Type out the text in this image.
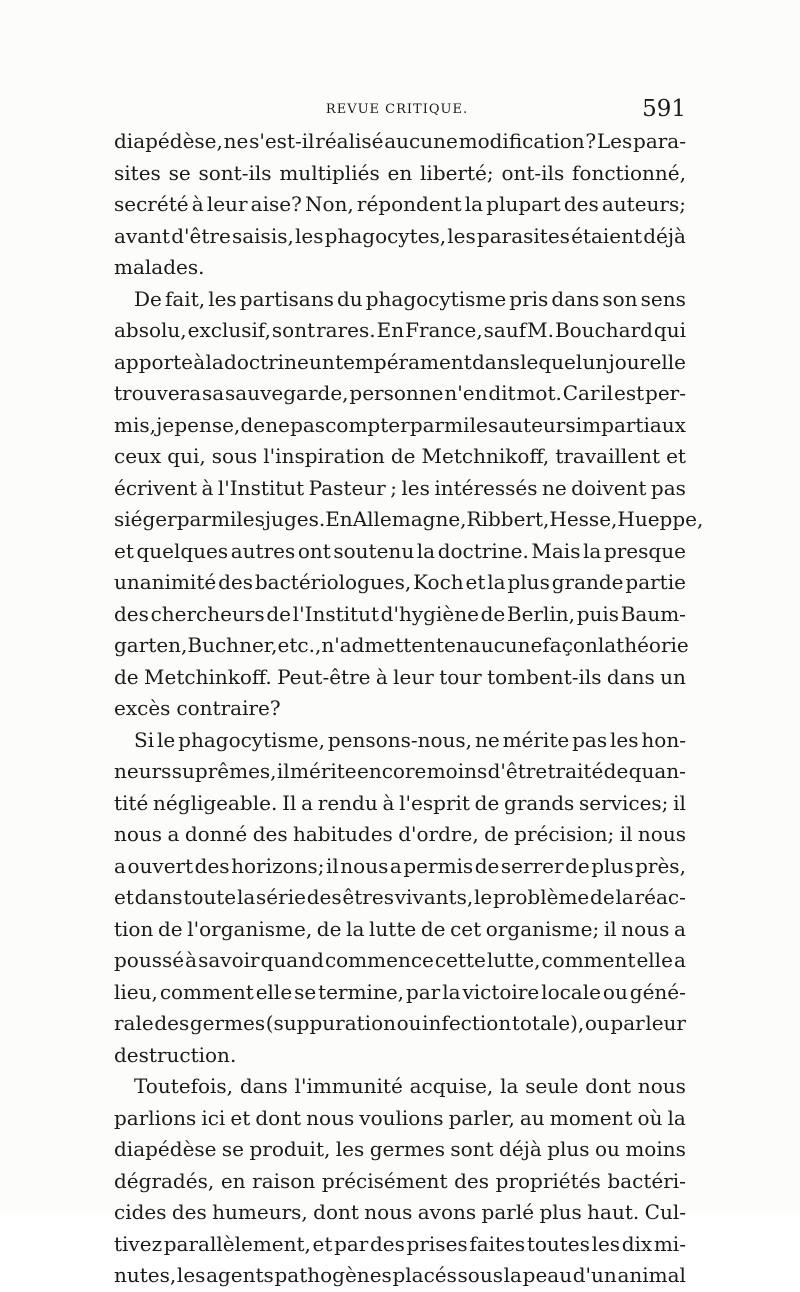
REVUE CRITIQUE.	591
diapédèse, ne s'est-il réalisé aucune modification ? Les para-
sites se sont-ils multipliés en liberté; ont-ils fonctionné,
secrété à leur aise? Non, répondent la plupart des auteurs;
avant d'être saisis, les phagocytes, les parasites étaient déjà
malades.
De fait, les partisans du phagocytisme pris dans son sens
absolu, exclusif, sont rares. En France, sauf M. Bouchard qui
apporte à la doctrine un tempérament dans lequel un jour elle
trouvera sa sauvegarde, personne n'en dit mot. Car il est per-
mis, je pense, de ne pas compter parmi les auteurs impartiaux
ceux qui, sous l'inspiration de Metchnikoff, travaillent et
écrivent à l'Institut Pasteur ; les intéressés ne doivent pas
siéger parmi les juges. En Allemagne, Ribbert, Hesse, Hueppe,
et quelques autres ont soutenu la doctrine. Mais la presque
unanimité des bactériologues, Koch et la plus grande partie
des chercheurs de l'Institut d'hygiène de Berlin, puis Baum-
garten, Buchner, etc., n'admettent en aucune façon la théorie
de Metchinkoff. Peut-être à leur tour tombent-ils dans un
excès contraire?
Si le phagocytisme, pensons-nous, ne mérite pas les hon-
neurs suprêmes, il mérite encore moins d'être traité de quan-
tité négligeable. Il a rendu à l'esprit de grands services; il
nous a donné des habitudes d'ordre, de précision; il nous
a ouvert des horizons; il nous a permis de serrer de plus près,
et dans toute la série des êtres vivants, le problème de la réac-
tion de l'organisme, de la lutte de cet organisme; il nous a
poussé à savoir quand commence cette lutte, comment elle a
lieu, comment elle se termine, par la victoire locale ou géné-
rale des germes (suppuration ou infection totale), ou par leur
destruction.
Toutefois, dans l'immunité acquise, la seule dont nous
parlions ici et dont nous voulions parler, au moment où la
diapédèse se produit, les germes sont déjà plus ou moins
dégradés, en raison précisément des propriétés bactéri-
cides des humeurs, dont nous avons parlé plus haut. Cul-
tivez parallèlement, et par des prises faites toutes les dix mi-
nutes, les agents pathogènes placés sous la peau d'un animal
